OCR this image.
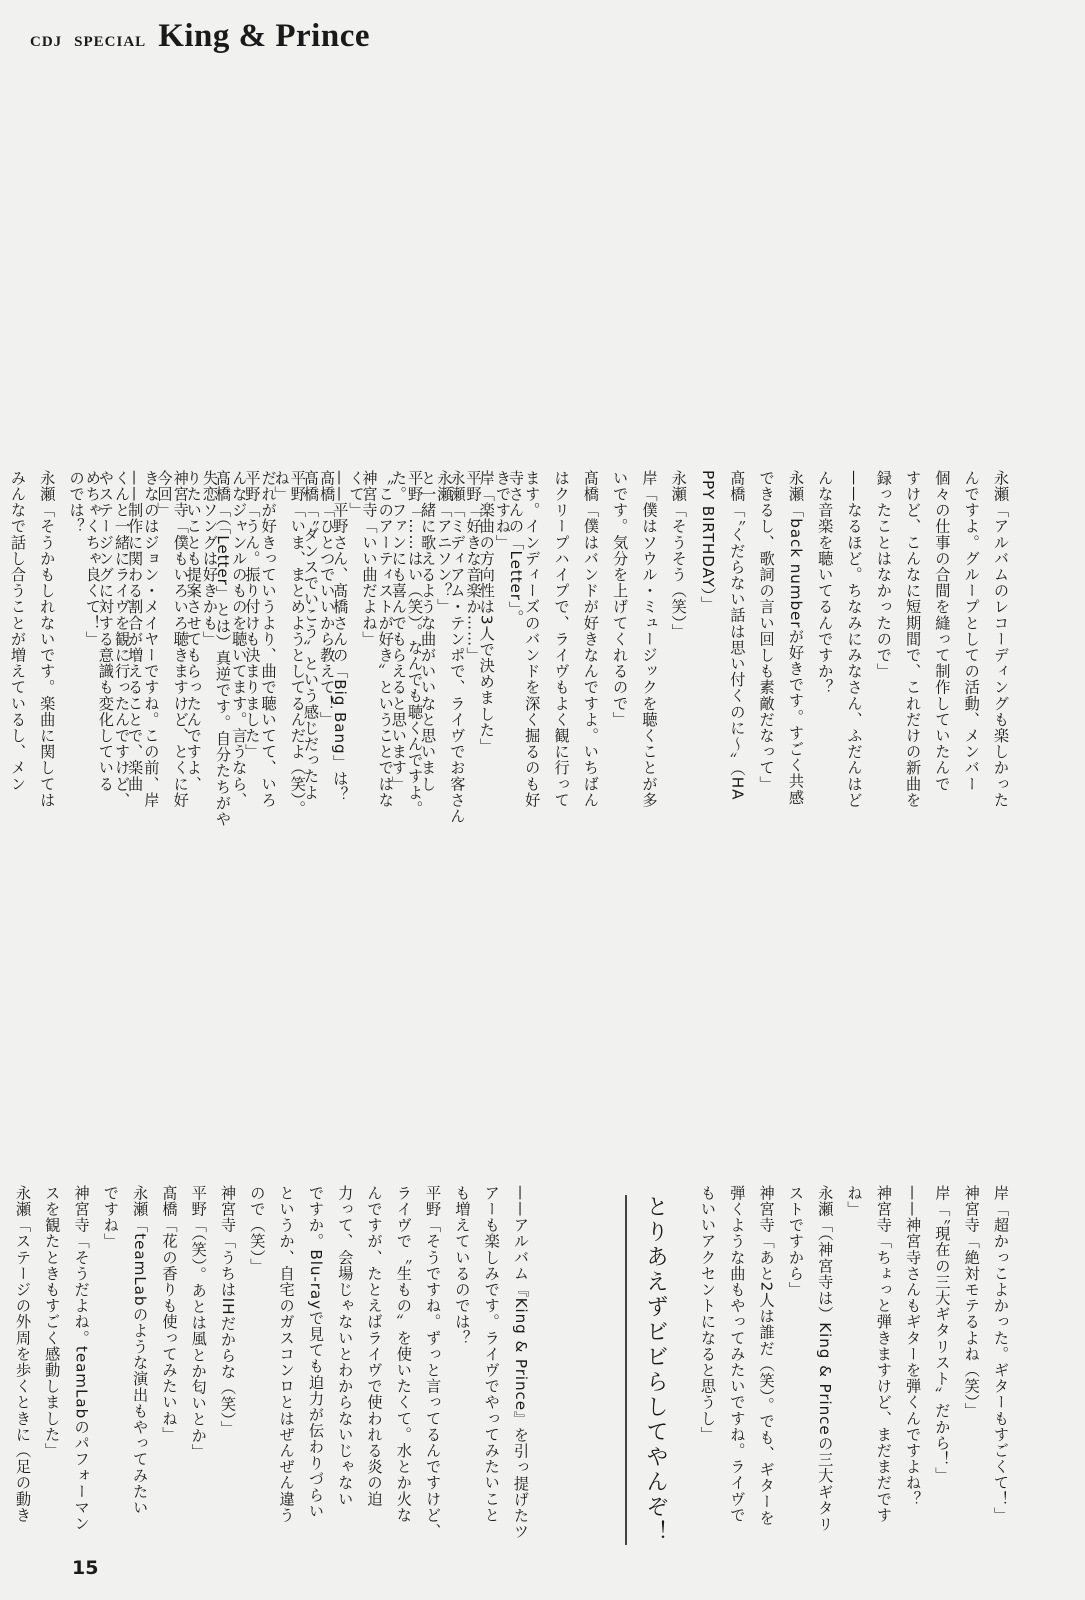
CDJ SPECIAL King & Prince
寺さんの「Letter」。
岸「楽曲の方向性は3人で決めました」
永瀬「ミディアム・テンポで、ライヴでお客さん
と一緒に歌えるような曲がいいなと思いまし
た。ファンにも喜んでもらえると思います」
神宮寺「いい曲だよね」
——平野さん、髙橋さんの「Big Bang」は？
髙橋「〝ダンスでいこう〟という感じだったよ
ね」
平野「うん。振り付けも決まりました」
髙橋「（「Letter」とは）真逆です。自分たちがや
りたいことも提案させてもらったんですよ、
今回」
——制作に関わる割合が増えることで、楽曲
やステージングに対する意識も変化している
のでは？
永瀬「そうかもしれないです。楽曲に関しては
みんなで話し合うことが増えているし、メン	永瀬「アルバムのレコーディングも楽しかった
んですよ。グループとしての活動、メンバー
個々の仕事の合間を縫って制作していたんで
すけど、こんなに短期間で、これだけの新曲を
録ったことはなかったので」
——なるほど。ちなみにみなさん、ふだんはど
んな音楽を聴いてるんですか？
永瀬「back numberが好きです。すごく共感
できるし、歌詞の言い回しも素敵だなって」
髙橋「〝くだらない話は思い付くのに～〟（HA
PPY BIRTHDAY）」
永瀬「そうそう（笑）」
岸「僕はソウル・ミュージックを聴くことが多
いです。気分を上げてくれるので」
髙橋「僕はバンドが好きなんですよ。いちばん
はクリープハイプで、ライヴもよく観に行って
ます。インディーズのバンドを深く掘るのも好
きですね」
平野「好きな音楽か……」
永瀬「アニソン？」
平野「……はい（笑）。なんでも聴くんですよ。
〝このアーティストが好き〟ということではな
くて」
髙橋「ひとつでいいから教えて！」
平野「いま、まとめようとしてるんだよ（笑）。
だれが好きっていうより、曲で聴いてて、いろ
んなジャンルのものを聴いてます。言うなら、
失恋ソングは好きかも」
神宮寺「僕もいろいろ聴きますけど、とくに好
きなのはジョン・メイヤーですね。この前、岸
くんと一緒にライヴを観に行ったんですけど、
めちゃくちゃ良くて！」
——アルバム『King & Prince』を引っ提げたツ
アーも楽しみです。ライヴでやってみたいこと
も増えているのでは？
平野「そうですね。ずっと言ってるんですけど、
ライヴで〝生もの〟を使いたくて。水とか火な
んですが、たとえばライヴで使われる炎の迫
力って、会場じゃないとわからないじゃない
ですか。Blu-rayで見ても迫力が伝わりづらい
というか、自宅のガスコンロとはぜんぜん違う
ので（笑）」
神宮寺「うちはIHだからな（笑）」
平野「（笑）。あとは風とか匂いとか」
髙橋「花の香りも使ってみたいね」
永瀬「teamLabのような演出もやってみたい
ですね」
神宮寺「そうだよね。teamLabのパフォーマン
スを観たときもすごく感動しました」
永瀬「ステージの外周を歩くときに（足の動き	岸「超かっこよかった。ギターもすごくて！」
神宮寺「絶対モテるよね（笑）」
岸「〝現在の三大ギタリスト〟だから！」
——神宮寺さんもギターを弾くんですよね？
神宮寺「ちょっと弾きますけど、まだまだです
ね」
永瀬「（神宮寺は）King & Princeの三大ギタリ
ストですから」
神宮寺「あと2人は誰だ（笑）。でも、ギターを
弾くような曲もやってみたいですね。ライヴで
もいいアクセントになると思うし」
とりあえずビビらしてやんぞ！
15
